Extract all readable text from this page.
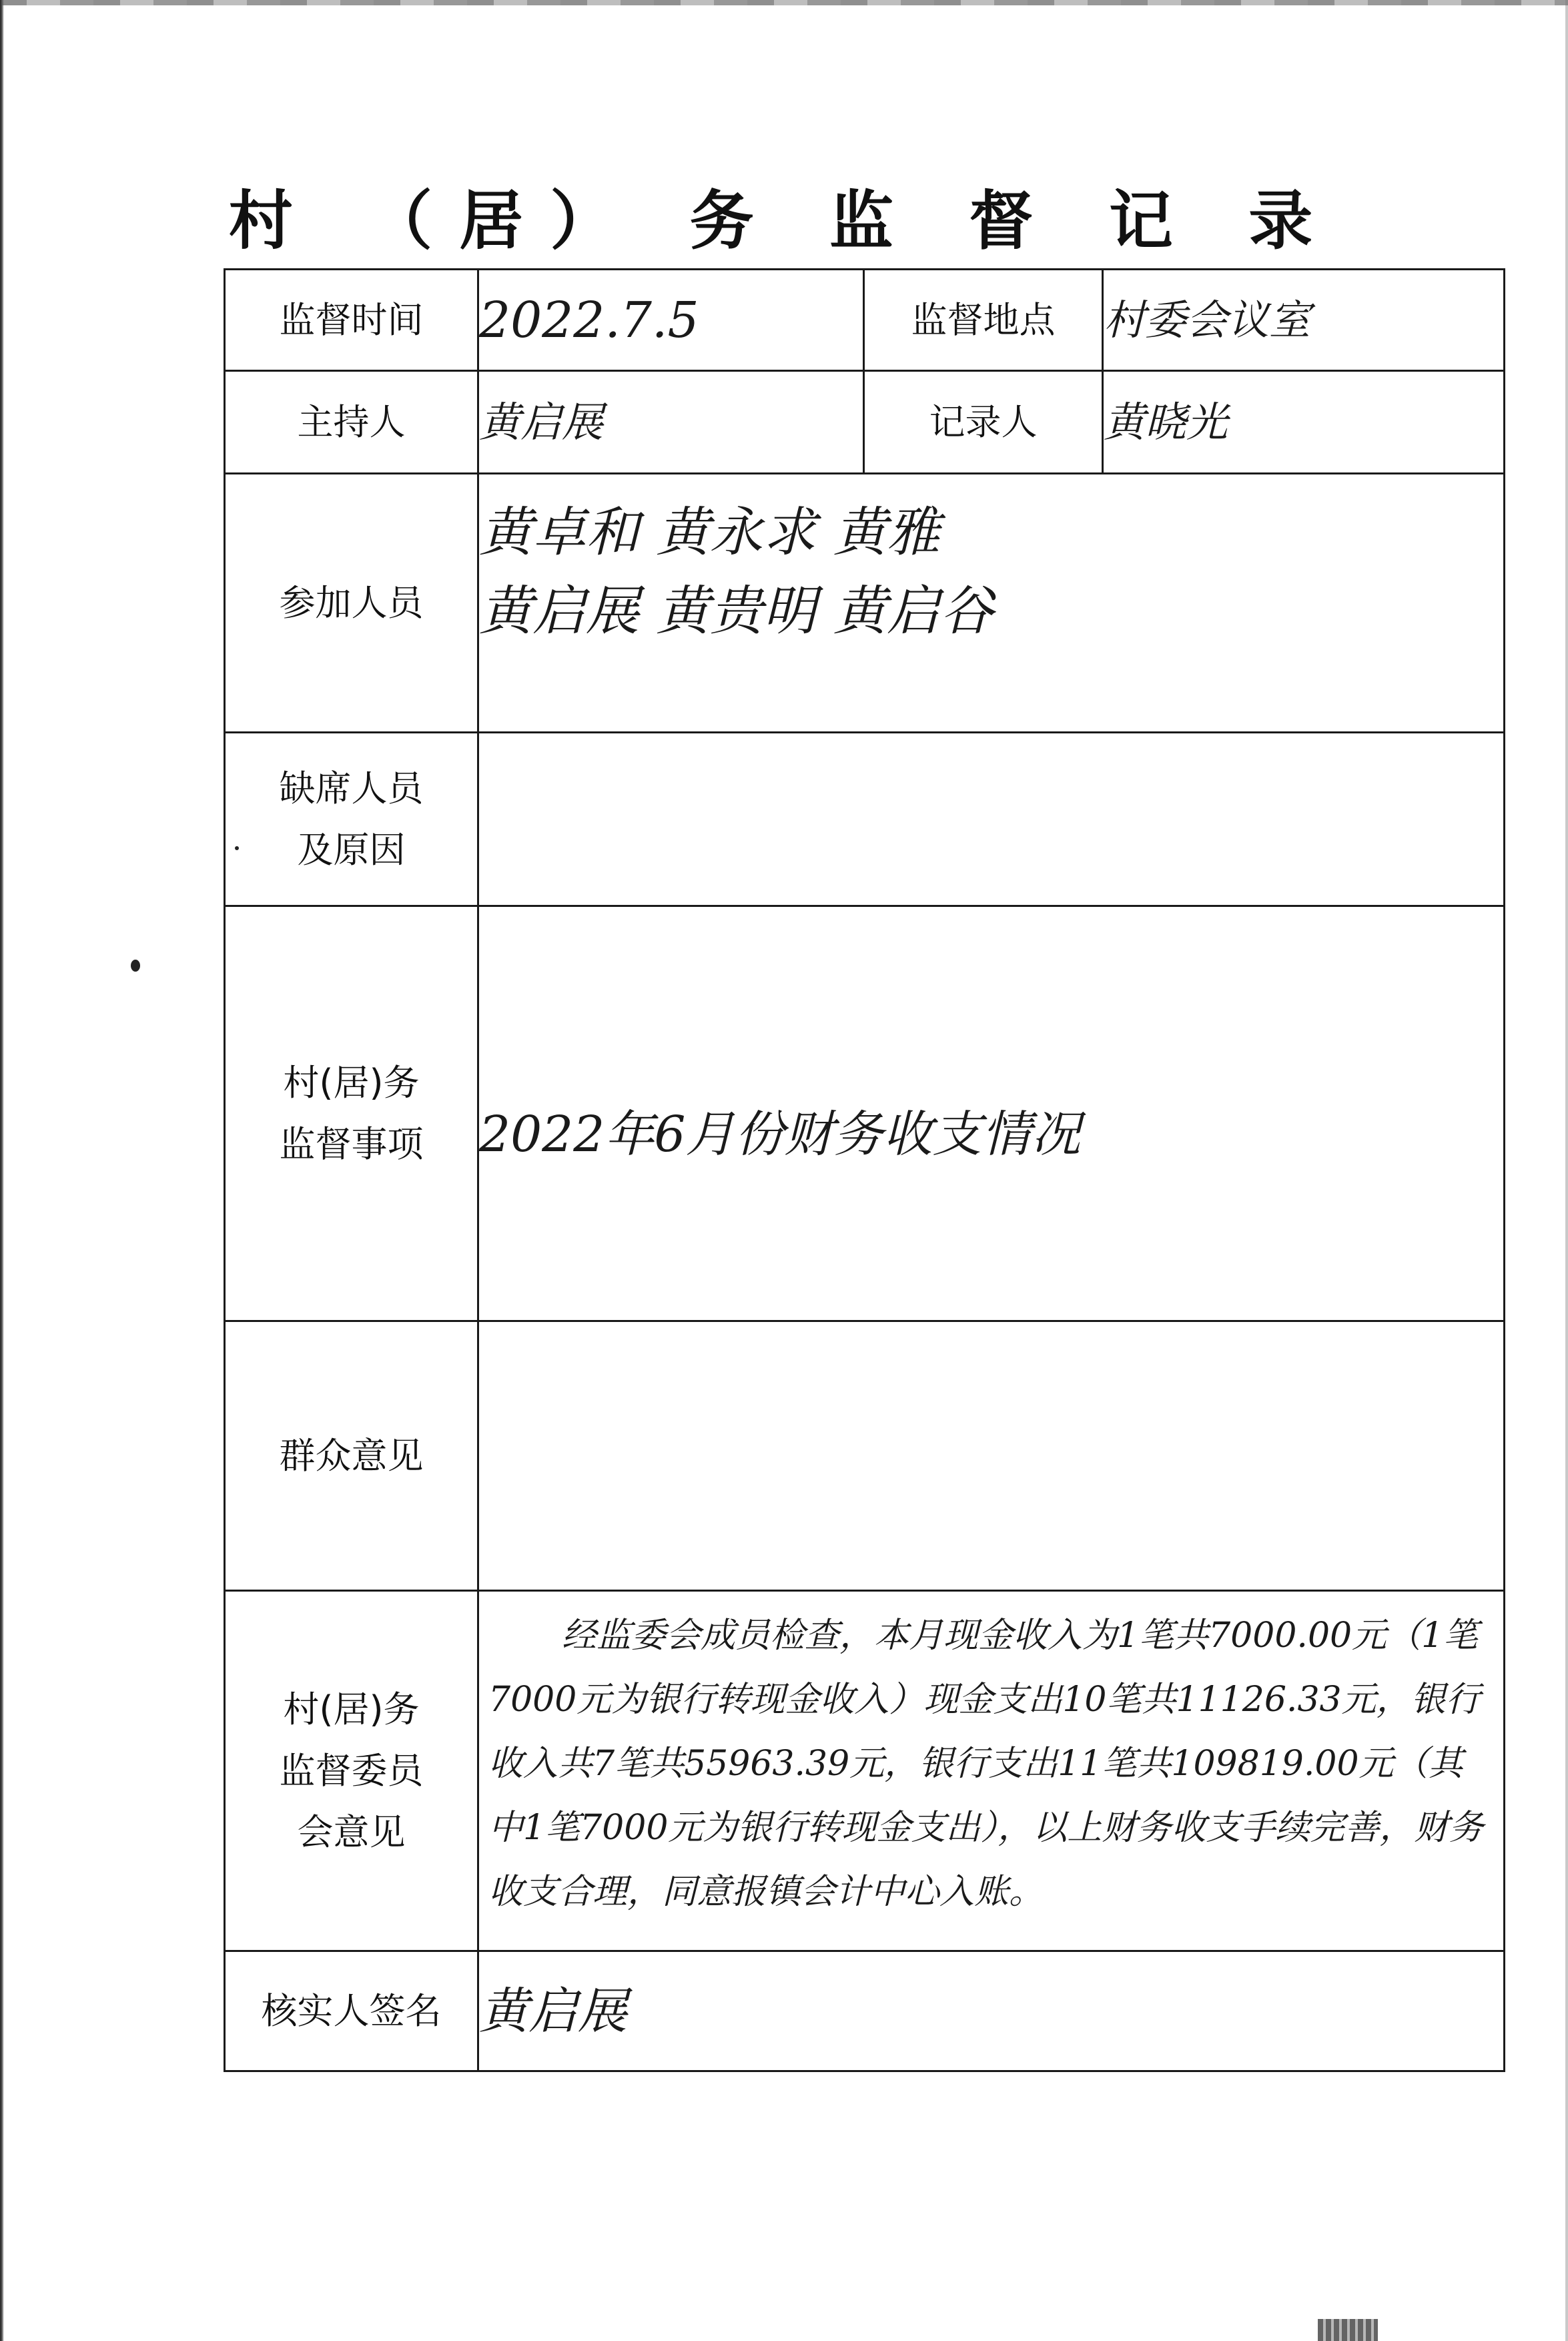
村 （居） 务 监 督 记 录
监督时间	2022.7.5	监督地点	村委会议室

主持人	黄启展	记录人	黄晓光

参加人员	黄卓和 黄永求 黄雅
黄启展 黄贵明 黄启谷		

缺席人员
及原因			

村(居)务
监督事项	2022年6月份财务收支情况		

群众意见			

村(居)务
监督委员
会意见	经监委会成员检查，本月现金收入为1笔共7000.00元（1笔7000元为银行转现金收入）现金支出10笔共11126.33元，银行收入共7笔共55963.39元，银行支出11笔共109819.00元（其中1笔7000元为银行转现金支出），以上财务收支手续完善，财务收支合理，同意报镇会计中心入账。		

核实人签名	黄启展		
